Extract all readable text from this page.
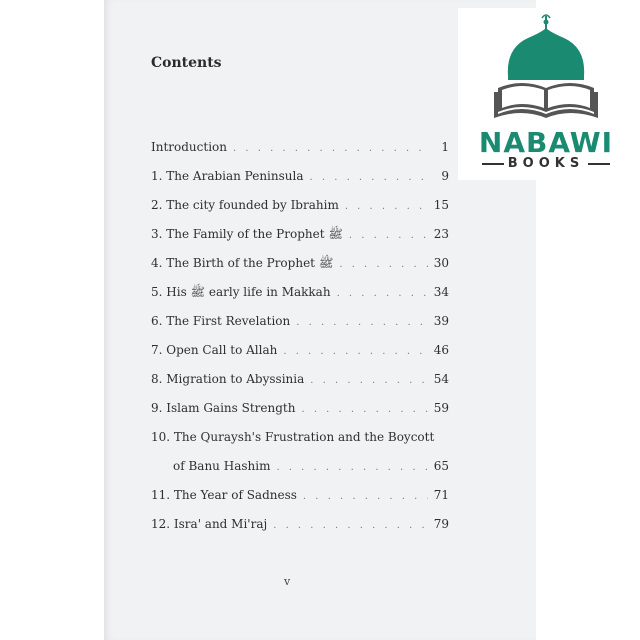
Contents
Introduction . . .	1
1. The Arabian Peninsula . . .	9
2. The city founded by Ibrahim . . .	15
3. The Family of the Prophet ﷺ . . .	23
4. The Birth of the Prophet ﷺ . . .	30
5. His ﷺ early life in Makkah . . .	34
6. The First Revelation . . .	39
7. Open Call to Allah . . .	46
8. Migration to Abyssinia . . .	54
9. Islam Gains Strength . . .	59
10. The Quraysh's Frustration and the Boycott
of Banu Hashim . . .	65
11. The Year of Sadness . . .	71
12. Isra' and Mi'raj . . .	79
v
NABAWI
BOOKS
